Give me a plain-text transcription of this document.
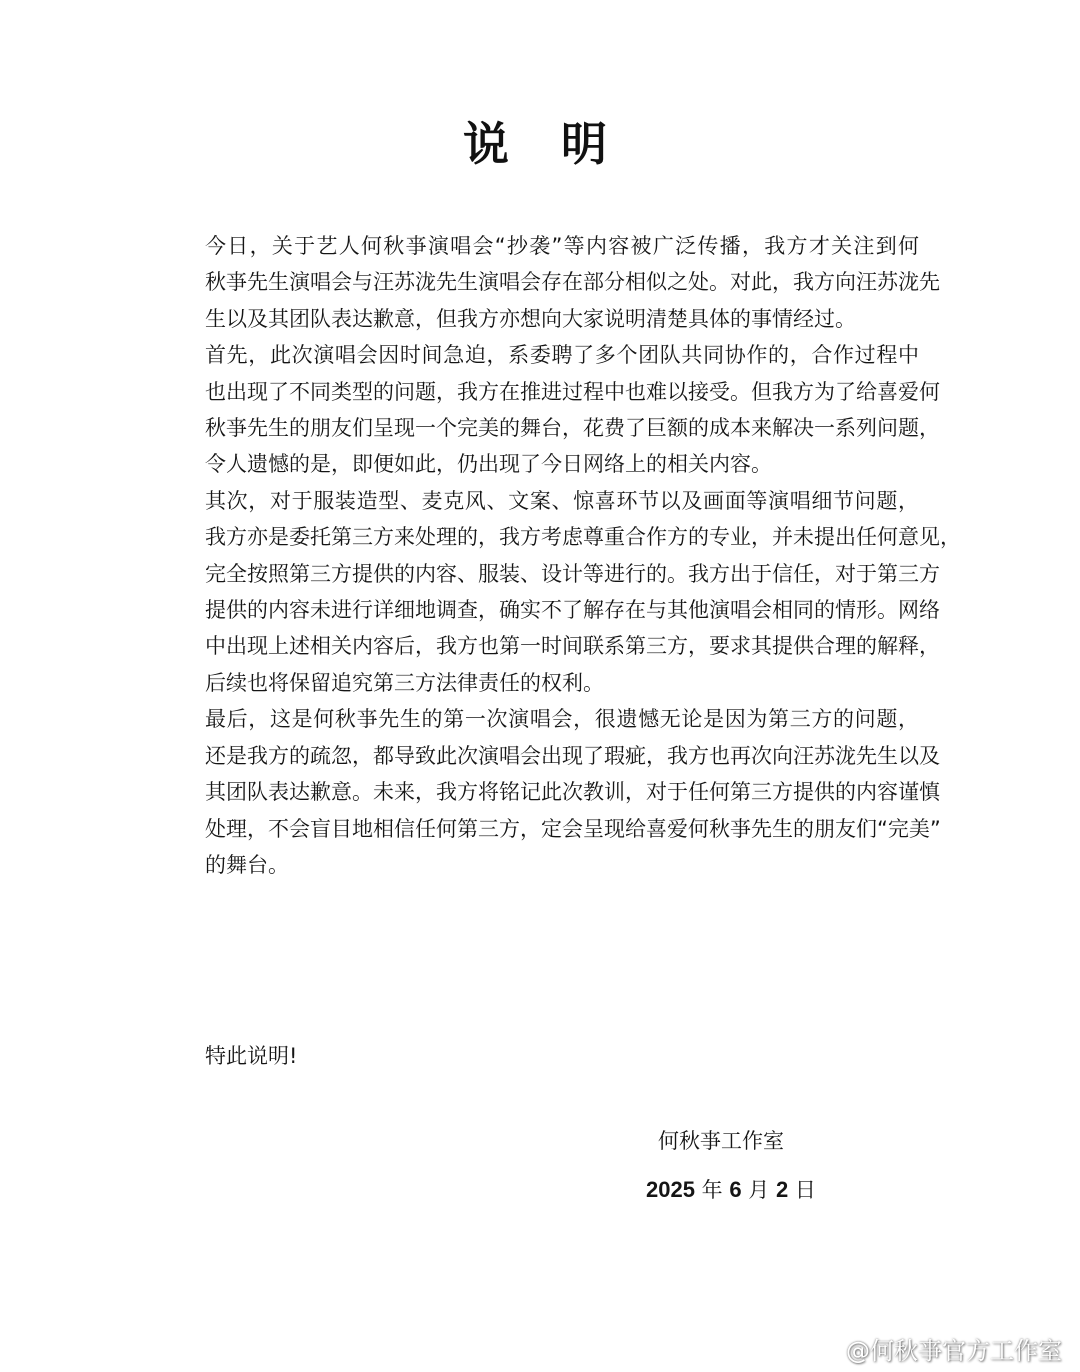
说 明

今日，关于艺人何秋亊演唱会“抄袭”等内容被广泛传播，我方才关注到何
秋亊先生演唱会与汪苏泷先生演唱会存在部分相似之处。对此，我方向汪苏泷先
生以及其团队表达歉意，但我方亦想向大家说明清楚具体的事情经过。

首先，此次演唱会因时间急迫，系委聘了多个团队共同协作的，合作过程中
也出现了不同类型的问题，我方在推进过程中也难以接受。但我方为了给喜爱何
秋亊先生的朋友们呈现一个完美的舞台，花费了巨额的成本来解决一系列问题，
令人遗憾的是，即便如此，仍出现了今日网络上的相关内容。

其次，对于服装造型、麦克风、文案、惊喜环节以及画面等演唱细节问题，
我方亦是委托第三方来处理的，我方考虑尊重合作方的专业，并未提出任何意见，
完全按照第三方提供的内容、服装、设计等进行的。我方出于信任，对于第三方
提供的内容未进行详细地调查，确实不了解存在与其他演唱会相同的情形。网络
中出现上述相关内容后，我方也第一时间联系第三方，要求其提供合理的解释，
后续也将保留追究第三方法律责任的权利。

最后，这是何秋亊先生的第一次演唱会，很遗憾无论是因为第三方的问题，
还是我方的疏忽，都导致此次演唱会出现了瑕疵，我方也再次向汪苏泷先生以及
其团队表达歉意。未来，我方将铭记此次教训，对于任何第三方提供的内容谨慎
处理，不会盲目地相信任何第三方，定会呈现给喜爱何秋亊先生的朋友们“完美”
的舞台。

特此说明!
何秋亊工作室
2025 年 6 月 2 日
@何秋亊官方工作室
